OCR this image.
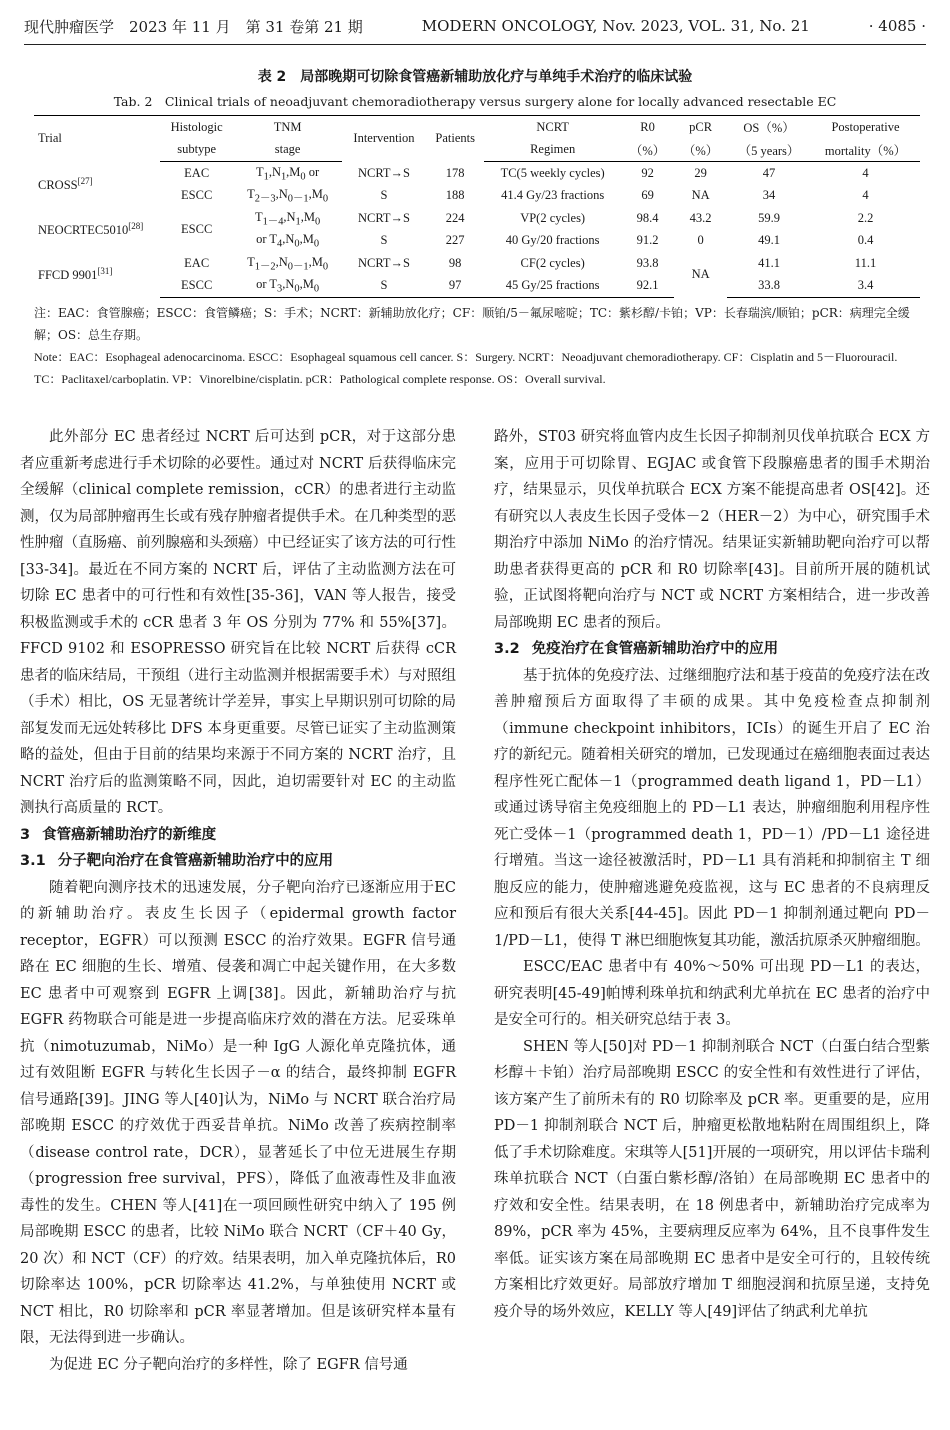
现代肿瘤医学　2023 年 11 月　第 31 卷第 21 期	MODERN ONCOLOGY, Nov. 2023, VOL. 31, No. 21	· 4085 ·
表 2　局部晚期可切除食管癌新辅助放化疗与单纯手术治疗的临床试验
Tab. 2　Clinical trials of neoadjuvant chemoradiotherapy versus surgery alone for locally advanced resectable EC
Trial	Histologic	TNM	Intervention	Patients	NCRT	R0	pCR	OS（%）	Postoperative
	subtype	stage			Regimen	（%）	（%）	（5 years）	mortality（%）
CROSS[27]	EAC	$T_1,N_1,M_0$ or	NCRT→S	178	TC(5 weekly cycles)	92	29	47	4
	ESCC	$T_{2-3},N_{0-1},M_0$	S	188	41.4 Gy/23 fractions	69	NA	34	4
NEOCRTEC5010[28]	ESCC	$T_{1-4},N_1,M_0$	NCRT→S	224	VP(2 cycles)	98.4	43.2	59.9	2.2
		or $T_4,N_0,M_0$	S	227	40 Gy/20 fractions	91.2	0	49.1	0.4
FFCD 9901[31]	EAC	$T_{1-2},N_{0-1},M_0$	NCRT→S	98	CF(2 cycles)	93.8	NA	41.1	11.1
	ESCC	or $T_3,N_0,M_0$	S	97	45 Gy/25 fractions	92.1		33.8	3.4
注：EAC：食管腺癌；ESCC：食管鳞癌；S：手术；NCRT：新辅助放化疗；CF：顺铂/5－氟尿嘧啶；TC：紫杉醇/卡铂；VP：长春瑞滨/顺铂；pCR：病理完全缓解；OS：总生存期。
Note：EAC：Esophageal adenocarcinoma. ESCC：Esophageal squamous cell cancer. S：Surgery. NCRT：Neoadjuvant chemoradiotherapy. CF：Cisplatin and 5－Fluorouracil. TC：Paclitaxel/carboplatin. VP：Vinorelbine/cisplatin. pCR：Pathological complete response. OS：Overall survival.

此外部分 EC 患者经过 NCRT 后可达到 pCR，对于这部分患者应重新考虑进行手术切除的必要性。通过对 NCRT 后获得临床完全缓解（clinical complete remission，cCR）的患者进行主动监测，仅为局部肿瘤再生长或有残存肿瘤者提供手术。在几种类型的恶性肿瘤（直肠癌、前列腺癌和头颈癌）中已经证实了该方法的可行性[33-34]。最近在不同方案的 NCRT 后，评估了主动监测方法在可切除 EC 患者中的可行性和有效性[35-36]，VAN 等人报告，接受积极监测或手术的 cCR 患者 3 年 OS 分别为 77% 和 55%[37]。FFCD 9102 和 ESOPRESSO 研究旨在比较 NCRT 后获得 cCR 患者的临床结局，干预组（进行主动监测并根据需要手术）与对照组（手术）相比，OS 无显著统计学差异，事实上早期识别可切除的局部复发而无远处转移比 DFS 本身更重要。尽管已证实了主动监测策略的益处，但由于目前的结果均来源于不同方案的 NCRT 治疗，且 NCRT 治疗后的监测策略不同，因此，迫切需要针对 EC 的主动监测执行高质量的 RCT。

3 食管癌新辅助治疗的新维度
3.1 分子靶向治疗在食管癌新辅助治疗中的应用

随着靶向测序技术的迅速发展，分子靶向治疗已逐渐应用于EC 的新辅助治疗。表皮生长因子（epidermal growth factor receptor，EGFR）可以预测 ESCC 的治疗效果。EGFR 信号通路在 EC 细胞的生长、增殖、侵袭和凋亡中起关键作用，在大多数 EC 患者中可观察到 EGFR 上调[38]。因此，新辅助治疗与抗 EGFR 药物联合可能是进一步提高临床疗效的潜在方法。尼妥珠单抗（nimotuzumab，NiMo）是一种 IgG 人源化单克隆抗体，通过有效阻断 EGFR 与转化生长因子－α 的结合，最终抑制 EGFR 信号通路[39]。JING 等人[40]认为，NiMo 与 NCRT 联合治疗局部晚期 ESCC 的疗效优于西妥昔单抗。NiMo 改善了疾病控制率（disease control rate，DCR），显著延长了中位无进展生存期（progression free survival，PFS），降低了血液毒性及非血液毒性的发生。CHEN 等人[41]在一项回顾性研究中纳入了 195 例局部晚期 ESCC 的患者，比较 NiMo 联合 NCRT（CF＋40 Gy，20 次）和 NCT（CF）的疗效。结果表明，加入单克隆抗体后，R0 切除率达 100%，pCR 切除率达 41.2%，与单独使用 NCRT 或 NCT 相比，R0 切除率和 pCR 率显著增加。但是该研究样本量有限，无法得到进一步确认。

为促进 EC 分子靶向治疗的多样性，除了 EGFR 信号通

路外，ST03 研究将血管内皮生长因子抑制剂贝伐单抗联合 ECX 方案，应用于可切除胃、EGJAC 或食管下段腺癌患者的围手术期治疗，结果显示，贝伐单抗联合 ECX 方案不能提高患者 OS[42]。还有研究以人表皮生长因子受体－2（HER－2）为中心，研究围手术期治疗中添加 NiMo 的治疗情况。结果证实新辅助靶向治疗可以帮助患者获得更高的 pCR 和 R0 切除率[43]。目前所开展的随机试验，正试图将靶向治疗与 NCT 或 NCRT 方案相结合，进一步改善局部晚期 EC 患者的预后。

3.2 免疫治疗在食管癌新辅助治疗中的应用

基于抗体的免疫疗法、过继细胞疗法和基于疫苗的免疫疗法在改善肿瘤预后方面取得了丰硕的成果。其中免疫检查点抑制剂（immune checkpoint inhibitors，ICIs）的诞生开启了 EC 治疗的新纪元。随着相关研究的增加，已发现通过在癌细胞表面过表达程序性死亡配体－1（programmed death ligand 1，PD－L1）或通过诱导宿主免疫细胞上的 PD－L1 表达，肿瘤细胞利用程序性死亡受体－1（programmed death 1，PD－1）/PD－L1 途径进行增殖。当这一途径被激活时，PD－L1 具有消耗和抑制宿主 T 细胞反应的能力，使肿瘤逃避免疫监视，这与 EC 患者的不良病理反应和预后有很大关系[44-45]。因此 PD－1 抑制剂通过靶向 PD－1/PD－L1，使得 T 淋巴细胞恢复其功能，激活抗原杀灭肿瘤细胞。

ESCC/EAC 患者中有 40%～50% 可出现 PD－L1 的表达，研究表明[45-49]帕博利珠单抗和纳武利尤单抗在 EC 患者的治疗中是安全可行的。相关研究总结于表 3。

SHEN 等人[50]对 PD－1 抑制剂联合 NCT（白蛋白结合型紫杉醇＋卡铂）治疗局部晚期 ESCC 的安全性和有效性进行了评估，该方案产生了前所未有的 R0 切除率及 pCR 率。更重要的是，应用 PD－1 抑制剂联合 NCT 后，肿瘤更松散地粘附在周围组织上，降低了手术切除难度。宋琪等人[51]开展的一项研究，用以评估卡瑞利珠单抗联合 NCT（白蛋白紫杉醇/洛铂）在局部晚期 EC 患者中的疗效和安全性。结果表明，在 18 例患者中，新辅助治疗完成率为 89%，pCR 率为 45%，主要病理反应率为 64%，且不良事件发生率低。证实该方案在局部晚期 EC 患者中是安全可行的，且较传统方案相比疗效更好。局部放疗增加 T 细胞浸润和抗原呈递，支持免疫介导的场外效应，KELLY 等人[49]评估了纳武利尤单抗
